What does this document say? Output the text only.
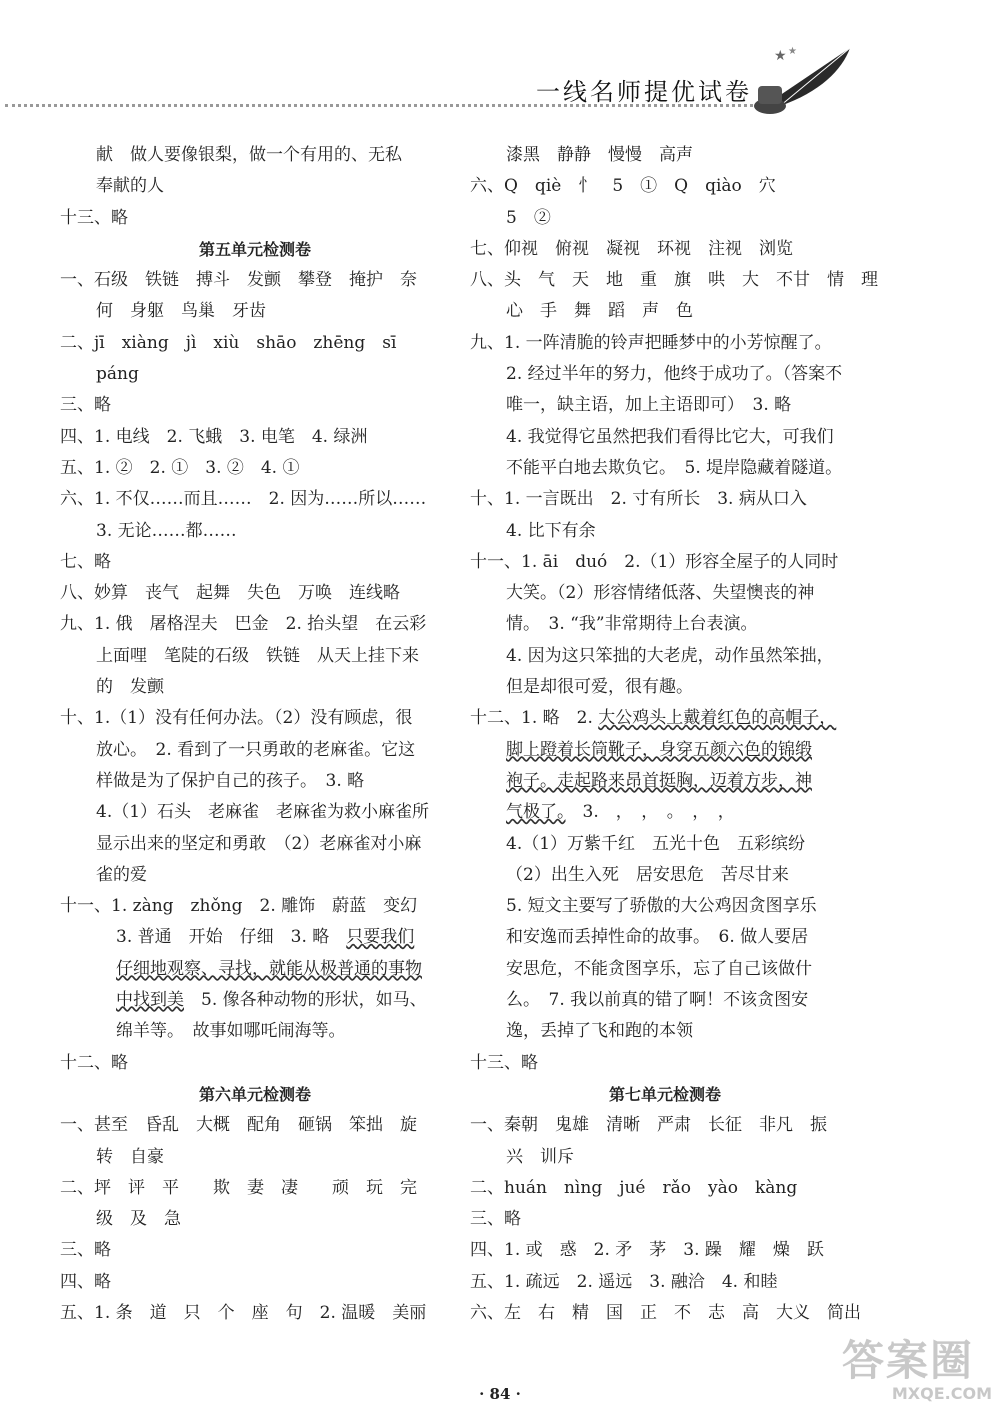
一线名师提优试卷
★ ★
献　做人要像银梨，做一个有用的、无私
奉献的人
十三、略
第五单元检测卷
一、石级　铁链　搏斗　发颤　攀登　掩护　奈
何　身躯　鸟巢　牙齿
二、jī　xiàng　jì　xiù　shāo　zhēng　sī
páng
三、略
四、1. 电线　2. 飞蛾　3. 电笔　4. 绿洲
五、1. ②　2. ①　3. ②　4. ①
六、1. 不仅……而且……　2. 因为……所以……
3. 无论……都……
七、略
八、妙算　丧气　起舞　失色　万唤　连线略
九、1. 俄　屠格涅夫　巴金　2. 抬头望　在云彩
上面哩　笔陡的石级　铁链　从天上挂下来
的　发颤
十、1.（1）没有任何办法。（2）没有顾虑，很
放心。　2. 看到了一只勇敢的老麻雀。它这
样做是为了保护自己的孩子。　3. 略
4.（1）石头　老麻雀　老麻雀为救小麻雀所
显示出来的坚定和勇敢　（2）老麻雀对小麻
雀的爱
十一、1. zàng　zhǒng　2. 雕饰　蔚蓝　变幻
3. 普通　开始　仔细　3. 略　只要我们
仔细地观察、寻找，就能从极普通的事物
中找到美　5. 像各种动物的形状，如马、
绵羊等。　故事如哪吒闹海等。
十二、略
第六单元检测卷
一、甚至　昏乱　大概　配角　砸锅　笨拙　旋
转　自豪
二、坪　评　平　　欺　妻　凄　　顽　玩　完
级　及　急
三、略
四、略
五、1. 条　道　只　个　座　句　2. 温暖　美丽
漆黑　静静　慢慢　高声
六、Q　qiè　忄　5　①　Q　qiào　穴
5　②
七、仰视　俯视　凝视　环视　注视　浏览
八、头　气　天　地　重　旗　哄　大　不甘　情　理
心　手　舞　蹈　声　色
九、1. 一阵清脆的铃声把睡梦中的小芳惊醒了。
2. 经过半年的努力，他终于成功了。（答案不
唯一，缺主语，加上主语即可）　3. 略
4. 我觉得它虽然把我们看得比它大，可我们
不能平白地去欺负它。　5. 堤岸隐藏着隧道。
十、1. 一言既出　2. 寸有所长　3. 病从口入
4. 比下有余
十一、1. āi　duó　2.（1）形容全屋子的人同时
大笑。（2）形容情绪低落、失望懊丧的神
情。　3. “我”非常期待上台表演。
4. 因为这只笨拙的大老虎，动作虽然笨拙，
但是却很可爱，很有趣。
十二、1. 略　2. 大公鸡头上戴着红色的高帽子，
脚上蹬着长筒靴子，身穿五颜六色的锦缎
袍子。走起路来昂首挺胸，迈着方步，神
气极了。　3.　，　，　。　，　，
4.（1）万紫千红　五光十色　五彩缤纷
（2）出生入死　居安思危　苦尽甘来
5. 短文主要写了骄傲的大公鸡因贪图享乐
和安逸而丢掉性命的故事。　6. 做人要居
安思危，不能贪图享乐，忘了自己该做什
么。　7. 我以前真的错了啊！不该贪图安
逸，丢掉了飞和跑的本领
十三、略
第七单元检测卷
一、秦朝　鬼雄　清晰　严肃　长征　非凡　振
兴　训斥
二、huán　nìng　jué　rǎo　yào　kàng
三、略
四、1. 或　惑　2. 矛　茅　3. 躁　耀　燥　跃
五、1. 疏远　2. 遥远　3. 融洽　4. 和睦
六、左　右　精　国　正　不　志　高　大义　简出
· 84 ·
答案圈
MXQE.COM
